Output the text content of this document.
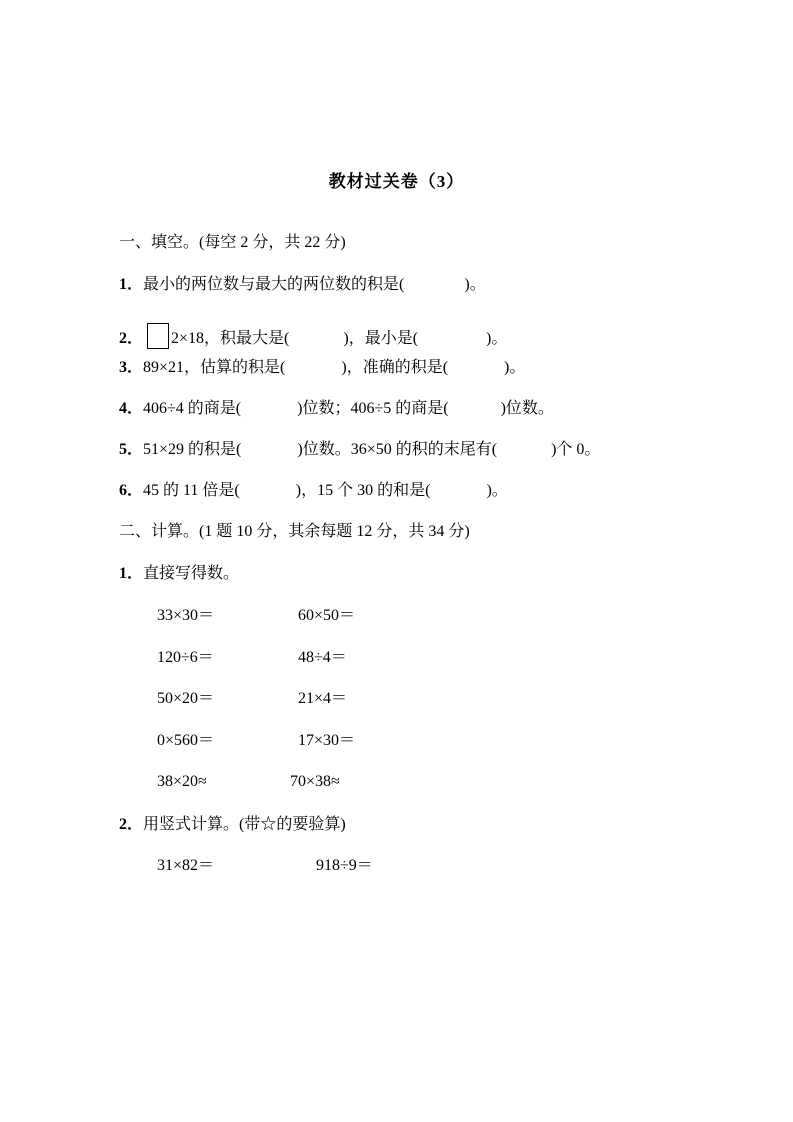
教材过关卷（3）
一、填空。(每空 2 分，共 22 分)
1．最小的两位数与最大的两位数的积是(	)。
2． 2×18，积最大是(	)，最小是(	)。
3．89×21，估算的积是(	)，准确的积是(	)。
4．406÷4 的商是(	)位数；406÷5 的商是(	)位数。
5．51×29 的积是(	)位数。36×50 的积的末尾有(	)个 0。
6．45 的 11 倍是(	)，15 个 30 的和是(	)。
二、计算。(1 题 10 分，其余每题 12 分，共 34 分)
1．直接写得数。
33×30＝	60×50＝
120÷6＝	48÷4＝
50×20＝	21×4＝
0×560＝	17×30＝
38×20≈	70×38≈
2．用竖式计算。(带☆的要验算)
31×82＝	918÷9＝
